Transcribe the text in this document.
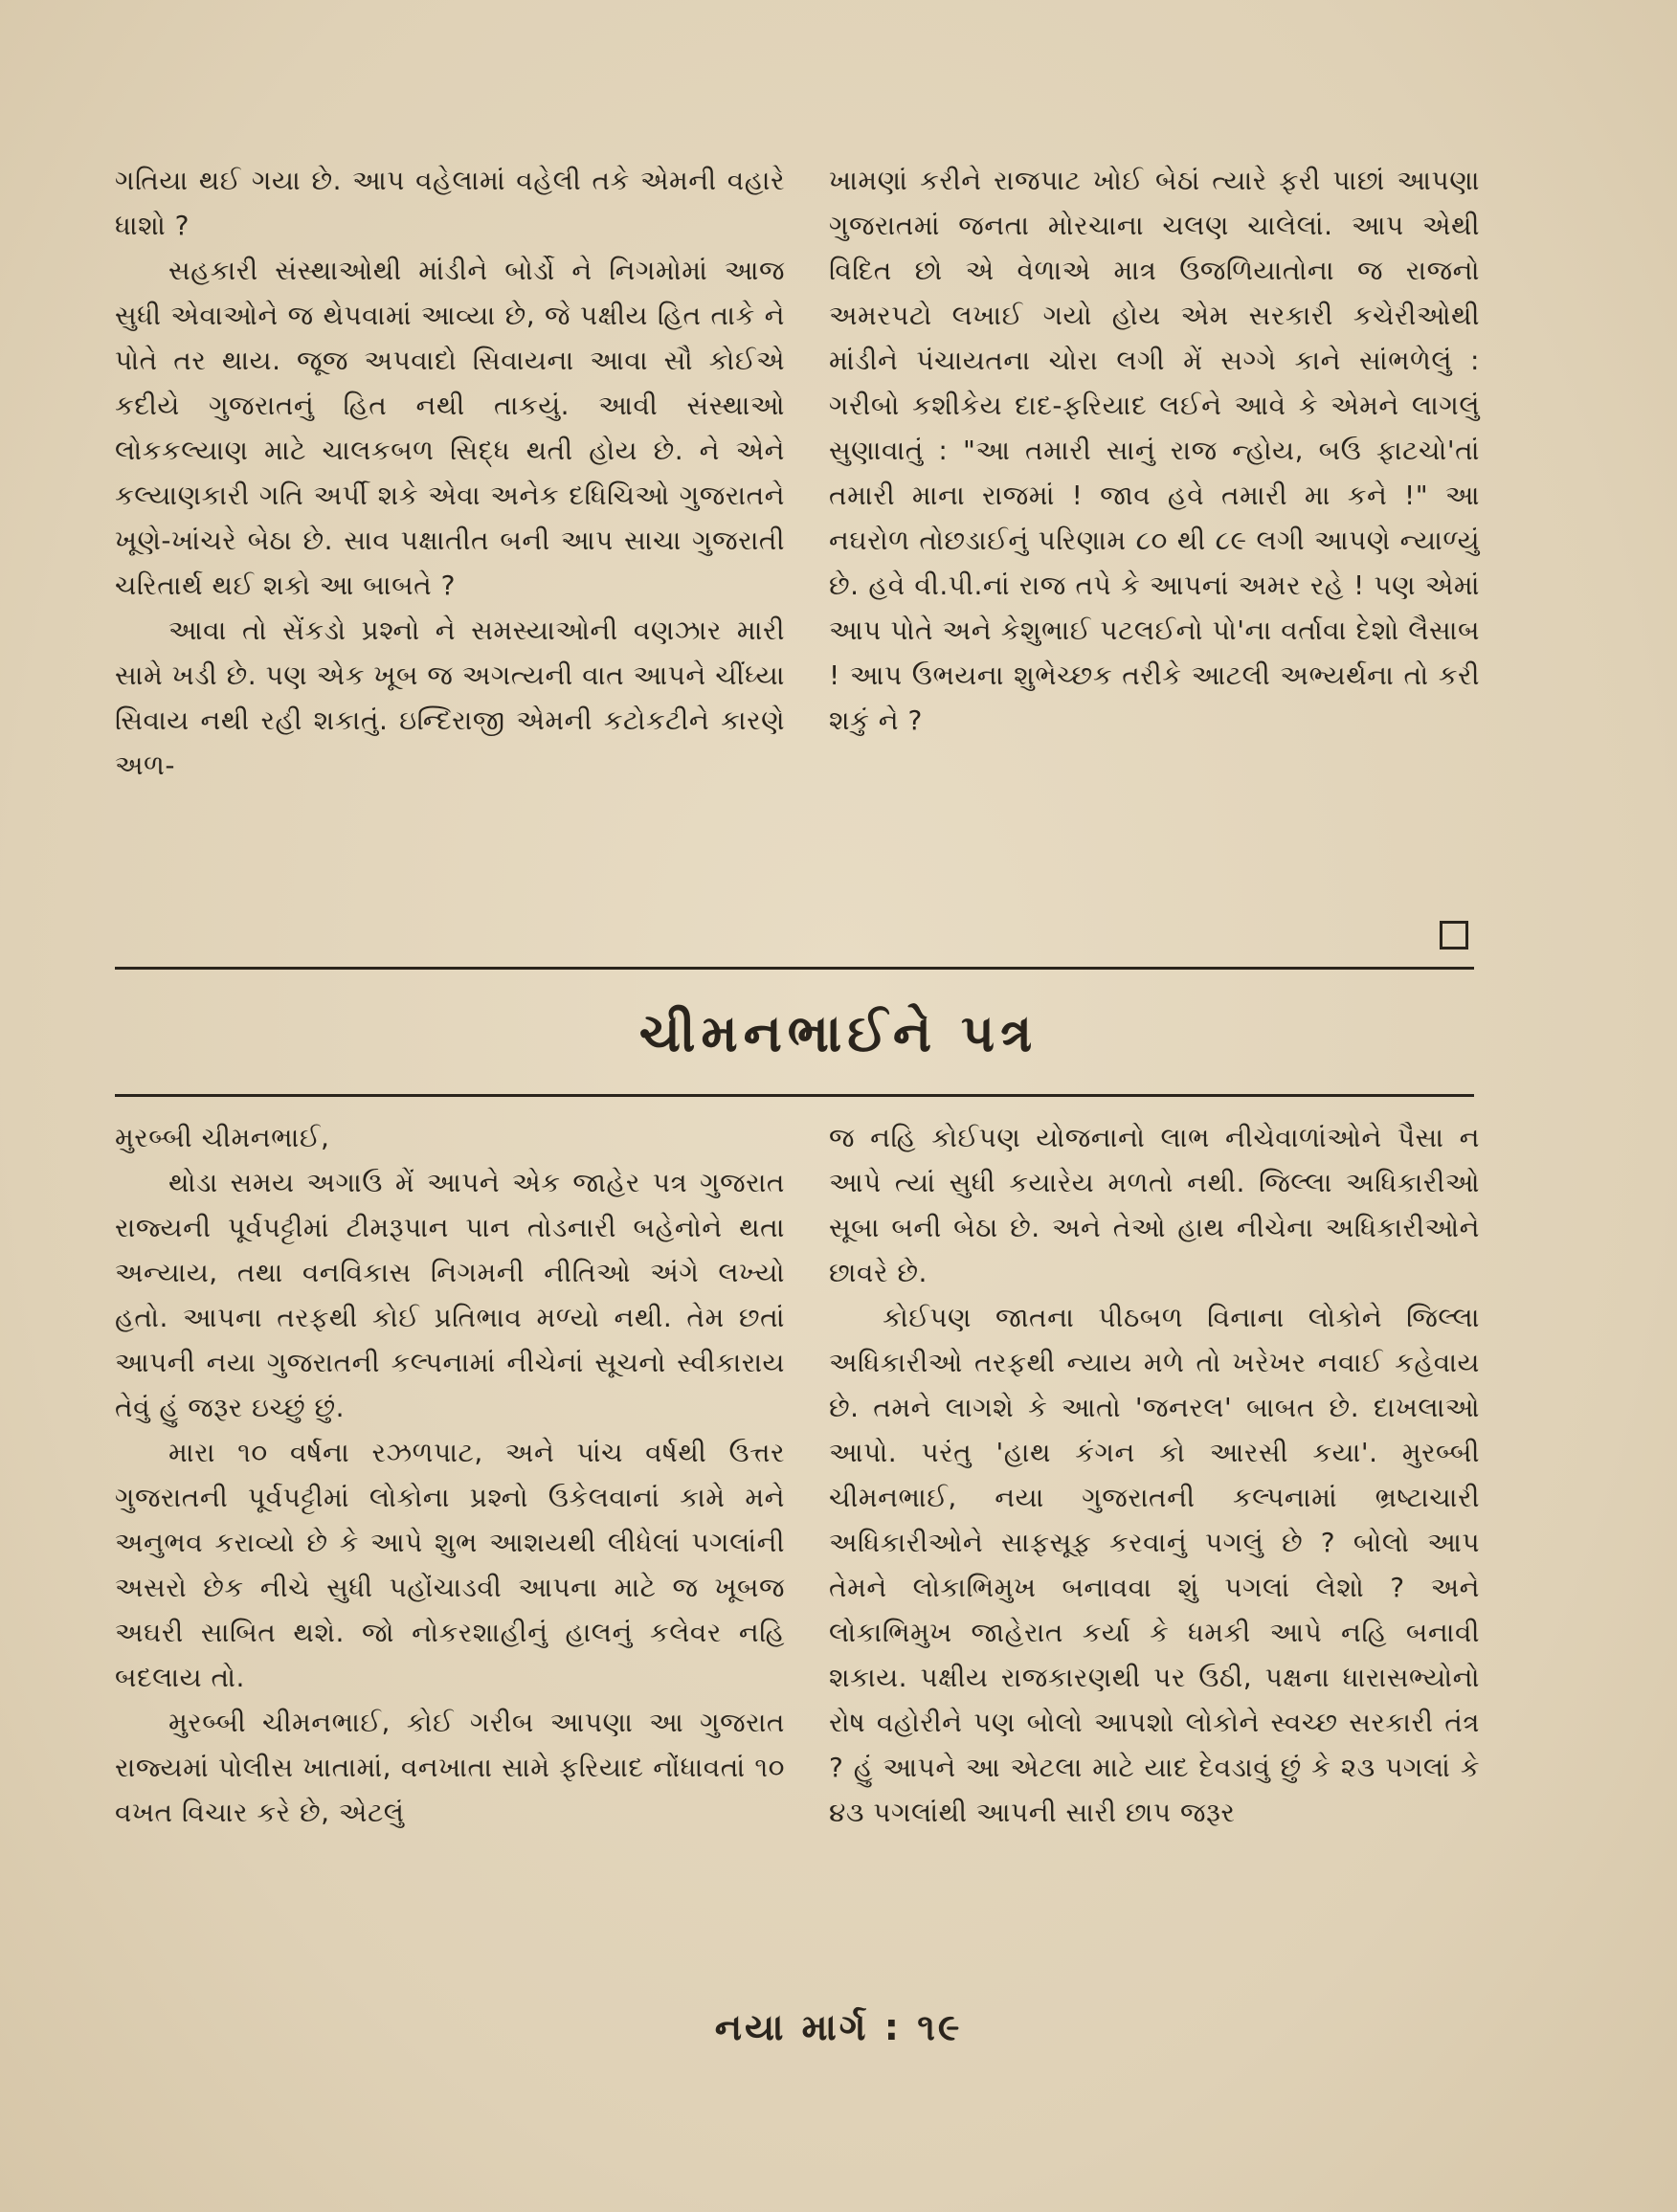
ગતિયા થઈ ગયા છે. આપ વહેલામાં વહેલી તકે એમની વહારે ધાશો ?

સહકારી સંસ્થાઓથી માંડીને બોર્ડો ને નિગમોમાં આજ સુધી એવાઓને જ થેપવામાં આવ્યા છે, જે પક્ષીય હિત તાકે ને પોતે તર થાય. જૂજ અપવાદો સિવાયના આવા સૌ કોઈએ કદીયે ગુજરાતનું હિત નથી તાકયું. આવી સંસ્થાઓ લોકકલ્યાણ માટે ચાલકબળ સિદ્ધ થતી હોય છે. ને એને કલ્યાણકારી ગતિ અર્પી શકે એવા અનેક દધિચિઓ ગુજરાતને ખૂણે-ખાંચરે બેઠા છે. સાવ પક્ષાતીત બની આપ સાચા ગુજરાતી ચરિતાર્થ થઈ શકો આ બાબતે ?

આવા તો સેંકડો પ્રશ્નો ને સમસ્યાઓની વણઝાર મારી સામે ખડી છે. પણ એક ખૂબ જ અગત્યની વાત આપને ચીંધ્યા સિવાય નથી રહી શકાતું. ઇન્દિરાજી એમની કટોકટીને કારણે અળ-

ખામણાં કરીને રાજપાટ ખોઈ બેઠાં ત્યારે ફરી પાછાં આપણા ગુજરાતમાં જનતા મોરચાના ચલણ ચાલેલાં. આપ એથી વિદિત છો એ વેળાએ માત્ર ઉજળિયાતોના જ રાજનો અમરપટો લખાઈ ગયો હોય એમ સરકારી કચેરીઓથી માંડીને પંચાયતના ચોરા લગી મેં સગ્ગે કાને સાંભળેલું : ગરીબો કશીકેય દાદ-ફરિયાદ લઈને આવે કે એમને લાગલું સુણાવાતું : "આ તમારી સાનું રાજ ન્હોય, બઉ ફાટચો'તાં તમારી માના રાજમાં ! જાવ હવે તમારી મા કને !" આ નઘરોળ તોછડાઈનું પરિણામ ૮૦ થી ૮૯ લગી આપણે ન્યાળ્યું છે. હવે વી.પી.નાં રાજ તપે કે આપનાં અમર રહે ! પણ એમાં આપ પોતે અને કેશુભાઈ પટલઈનો પો'ના વર્તાવા દેશો લૈસાબ ! આપ ઉભયના શુભેચ્છક તરીકે આટલી અભ્યર્થના તો કરી શકું ને ?

ચીમનભાઈને પત્ર

મુરબ્બી ચીમનભાઈ,

થોડા સમય અગાઉ મેં આપને એક જાહેર પત્ર ગુજરાત રાજ્યની પૂર્વપટ્ટીમાં ટીમરૂપાન પાન તોડનારી બહેનોને થતા અન્યાય, તથા વનવિકાસ નિગમની નીતિઓ અંગે લખ્યો હતો. આપના તરફથી કોઈ પ્રતિભાવ મળ્યો નથી. તેમ છતાં આપની નયા ગુજરાતની કલ્પનામાં નીચેનાં સૂચનો સ્વીકારાય તેવું હું જરૂર ઇચ્છું છું.

મારા ૧૦ વર્ષના રઝળપાટ, અને પાંચ વર્ષથી ઉત્તર ગુજરાતની પૂર્વપટ્ટીમાં લોકોના પ્રશ્નો ઉકેલવાનાં કામે મને અનુભવ કરાવ્યો છે કે આપે શુભ આશયથી લીધેલાં પગલાંની અસરો છેક નીચે સુધી પહોંચાડવી આપના માટે જ ખૂબજ અઘરી સાબિત થશે. જો નોકરશાહીનું હાલનું કલેવર નહિ બદલાય તો.

મુરબ્બી ચીમનભાઈ, કોઈ ગરીબ આપણા આ ગુજરાત રાજ્યમાં પોલીસ ખાતામાં, વનખાતા સામે ફરિયાદ નોંધાવતાં ૧૦ વખત વિચાર કરે છે, એટલું

જ નહિ કોઈપણ યોજનાનો લાભ નીચેવાળાંઓને પૈસા ન આપે ત્યાં સુધી કયારેય મળતો નથી. જિલ્લા અધિકારીઓ સૂબા બની બેઠા છે. અને તેઓ હાથ નીચેના અધિકારીઓને છાવરે છે.

કોઈપણ જાતના પીઠબળ વિનાના લોકોને જિલ્લા અધિકારીઓ તરફથી ન્યાય મળે તો ખરેખર નવાઈ કહેવાય છે. તમને લાગશે કે આતો 'જનરલ' બાબત છે. દાખલાઓ આપો. પરંતુ 'હાથ કંગન કો આરસી કયા'. મુરબ્બી ચીમનભાઈ, નયા ગુજરાતની કલ્પનામાં ભ્રષ્ટાચારી અધિકારીઓને સાફસૂફ કરવાનું પગલું છે ? બોલો આપ તેમને લોકાભિમુખ બનાવવા શું પગલાં લેશો ? અને લોકાભિમુખ જાહેરાત કર્યા કે ધમકી આપે નહિ બનાવી શકાય. પક્ષીય રાજકારણથી પર ઉઠી, પક્ષના ધારાસભ્યોનો રોષ વહોરીને પણ બોલો આપશો લોકોને સ્વચ્છ સરકારી તંત્ર ? હું આપને આ એટલા માટે યાદ દેવડાવું છું કે ૨૩ પગલાં કે ૪૩ પગલાંથી આપની સારી છાપ જરૂર

નયા માર્ગ : ૧૯
